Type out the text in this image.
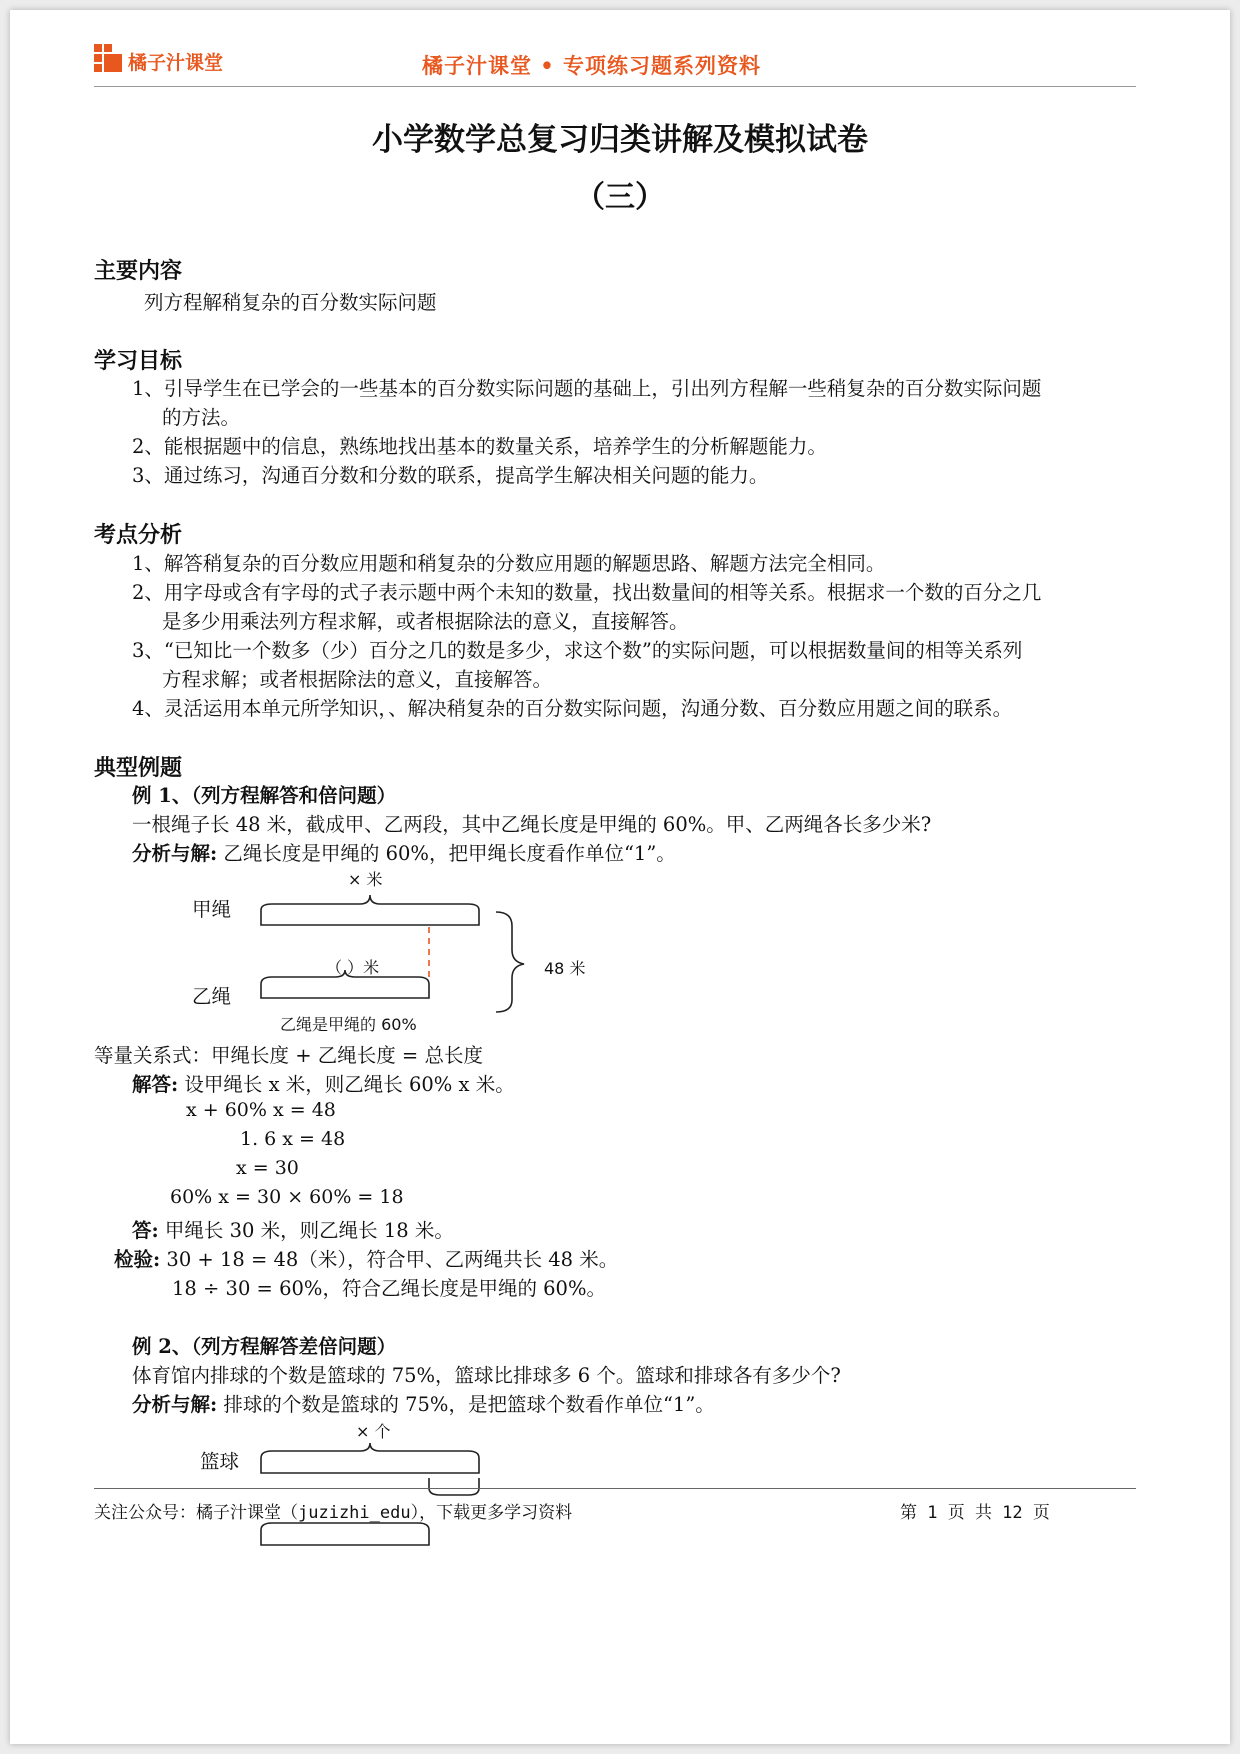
橘子汁课堂	橘子汁课堂 • 专项练习题系列资料
小学数学总复习归类讲解及模拟试卷
（三）
主要内容
列方程解稍复杂的百分数实际问题
学习目标
1、引导学生在已学会的一些基本的百分数实际问题的基础上，引出列方程解一些稍复杂的百分数实际问题
的方法。
2、能根据题中的信息，熟练地找出基本的数量关系，培养学生的分析解题能力。
3、通过练习，沟通百分数和分数的联系，提高学生解决相关问题的能力。
考点分析
1、解答稍复杂的百分数应用题和稍复杂的分数应用题的解题思路、解题方法完全相同。
2、用字母或含有字母的式子表示题中两个未知的数量，找出数量间的相等关系。根据求一个数的百分之几
是多少用乘法列方程求解，或者根据除法的意义，直接解答。
3、“已知比一个数多（少）百分之几的数是多少，求这个数”的实际问题，可以根据数量间的相等关系列
方程求解；或者根据除法的意义，直接解答。
4、灵活运用本单元所学知识，、解决稍复杂的百分数实际问题，沟通分数、百分数应用题之间的联系。
典型例题
例 1、（列方程解答和倍问题）
一根绳子长 48 米，截成甲、乙两段，其中乙绳长度是甲绳的 60%。甲、乙两绳各长多少米?
分析与解: 乙绳长度是甲绳的 60%，把甲绳长度看作单位“1”。
× 米
甲绳
（ ）米	48 米
乙绳
乙绳是甲绳的 60%
等量关系式：甲绳长度 + 乙绳长度 = 总长度
解答: 设甲绳长 x 米，则乙绳长 60% x 米。
x + 60% x = 48
1. 6 x = 48
x = 30
60% x = 30 × 60% = 18
答: 甲绳长 30 米，则乙绳长 18 米。
检验: 30 + 18 = 48（米），符合甲、乙两绳共长 48 米。
18 ÷ 30 = 60%，符合乙绳长度是甲绳的 60%。
例 2、（列方程解答差倍问题）
体育馆内排球的个数是篮球的 75%，篮球比排球多 6 个。篮球和排球各有多少个?
分析与解: 排球的个数是篮球的 75%，是把篮球个数看作单位“1”。
× 个
篮球
关注公众号：橘子汁课堂（juzizhi_edu），下载更多学习资料	第 1 页 共 12 页
